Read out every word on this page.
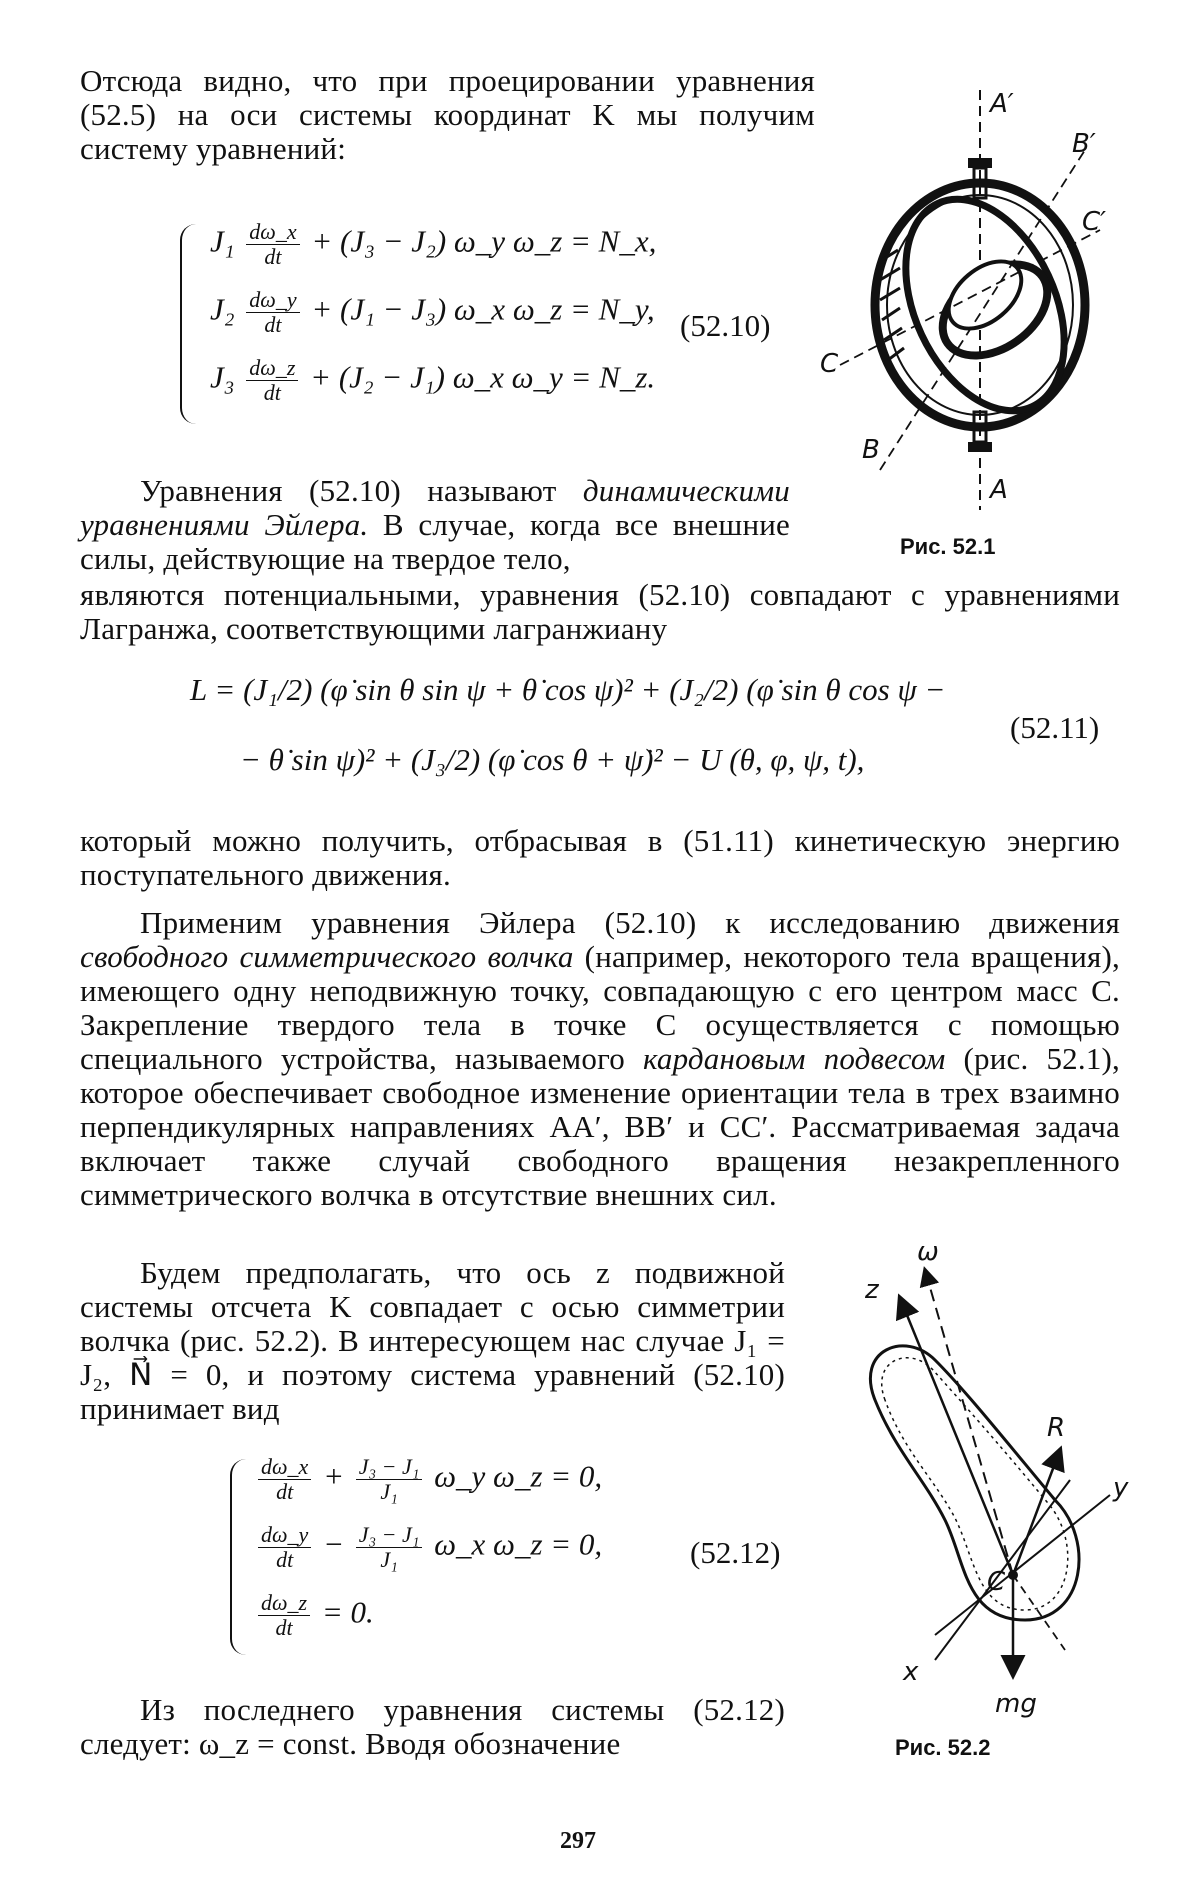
Отсюда видно, что при проецировании уравнения (52.5) на оси системы координат K мы получим систему уравнений:

$J_1 \frac{d\omega\_x}{dt} + (J_3 - J_2)$ ω_y ω_z = N_x,
$J_2 \frac{d\omega\_y}{dt} + (J_1 - J_3)$ ω_x ω_z = N_y,
$J_3 \frac{d\omega\_z}{dt} + (J_2 - J_1)$ ω_x ω_y = N_z.
(52.10)

Уравнения (52.10) называют динамическими уравнениями Эйлера. В случае, когда все внешние силы, действующие на твердое тело,

являются потенциальными, уравнения (52.10) совпадают с уравнениями Лагранжа, соответствующими лагранжиану

L = (J₁/2) (φ̇ sin θ sin ψ + θ̇ cos ψ)² + (J₂/2) (φ̇ sin θ cos ψ −
− θ̇ sin ψ)² + (J₃/2) (φ̇ cos θ + ψ̇)² − U (θ, φ, ψ, t),
(52.11)

который можно получить, отбрасывая в (51.11) кинетическую энергию поступательного движения.

Применим уравнения Эйлера (52.10) к исследованию движения свободного симметрического волчка (например, некоторого тела вращения), имеющего одну неподвижную точку, совпадающую с его центром масс C. Закрепление твердого тела в точке C осуществляется с помощью специального устройства, называемого кардановым подвесом (рис. 52.1), которое обеспечивает свободное изменение ориентации тела в трех взаимно перпендикулярных направлениях AA′, BB′ и CC′. Рассматриваемая задача включает также случай свободного вращения незакрепленного симметрического волчка в отсутствие внешних сил.

Будем предполагать, что ось z подвижной системы отсчета K совпадает с осью симметрии волчка (рис. 52.2). В интересующем нас случае J₁ = J₂, N⃗ = 0, и поэтому система уравнений (52.10) принимает вид

$\frac{d\omega\_x}{dt} + \frac{\text{J₃ − J₁}}{\text{J₁}}$ ω_y ω_z = 0,
$\frac{d\omega\_y}{dt} - \frac{\text{J₃ − J₁}}{\text{J₁}}$ ω_x ω_z = 0,
$\frac{d\omega\_z}{dt} = 0$.
(52.12)

Из последнего уравнения системы (52.12) следует: ω_z = const. Вводя обозначение

A′
B′
C′
C
B
A
Рис. 52.1
ω
z
R
y
C
x
mg
Рис. 52.2
297
